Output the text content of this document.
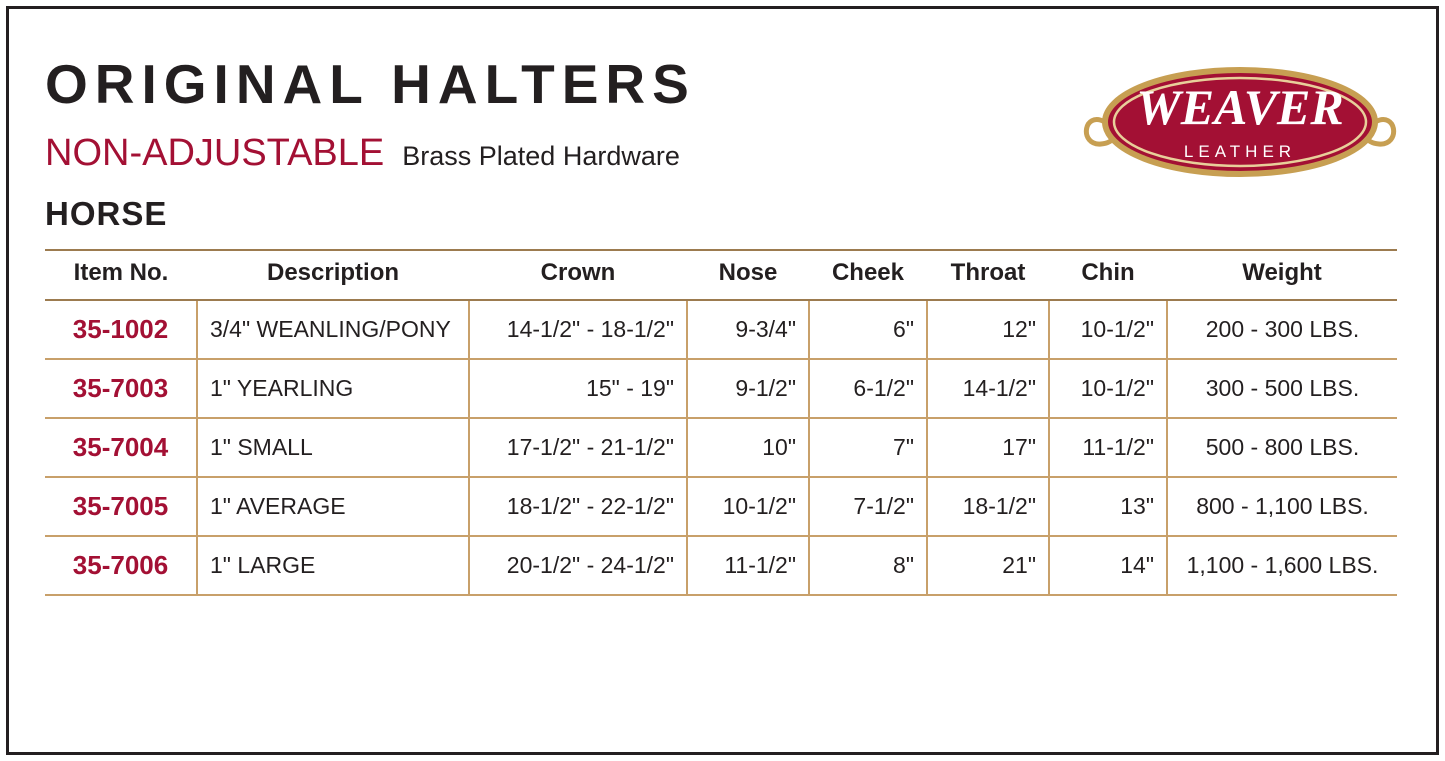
WEAVER
LEATHER
ORIGINAL HALTERS
NON-ADJUSTABLE Brass Plated Hardware
HORSE
Item No.	Description	Crown	Nose	Cheek	Throat	Chin	Weight
35-1002	3/4" WEANLING/PONY	14-1/2" - 18-1/2"	9-3/4"	6"	12"	10-1/2"	200 - 300 LBS.
35-7003	1" YEARLING	15" - 19"	9-1/2"	6-1/2"	14-1/2"	10-1/2"	300 - 500 LBS.
35-7004	1" SMALL	17-1/2" - 21-1/2"	10"	7"	17"	11-1/2"	500 - 800 LBS.
35-7005	1" AVERAGE	18-1/2" - 22-1/2"	10-1/2"	7-1/2"	18-1/2"	13"	800 - 1,100 LBS.
35-7006	1" LARGE	20-1/2" - 24-1/2"	11-1/2"	8"	21"	14"	1,100 - 1,600 LBS.
